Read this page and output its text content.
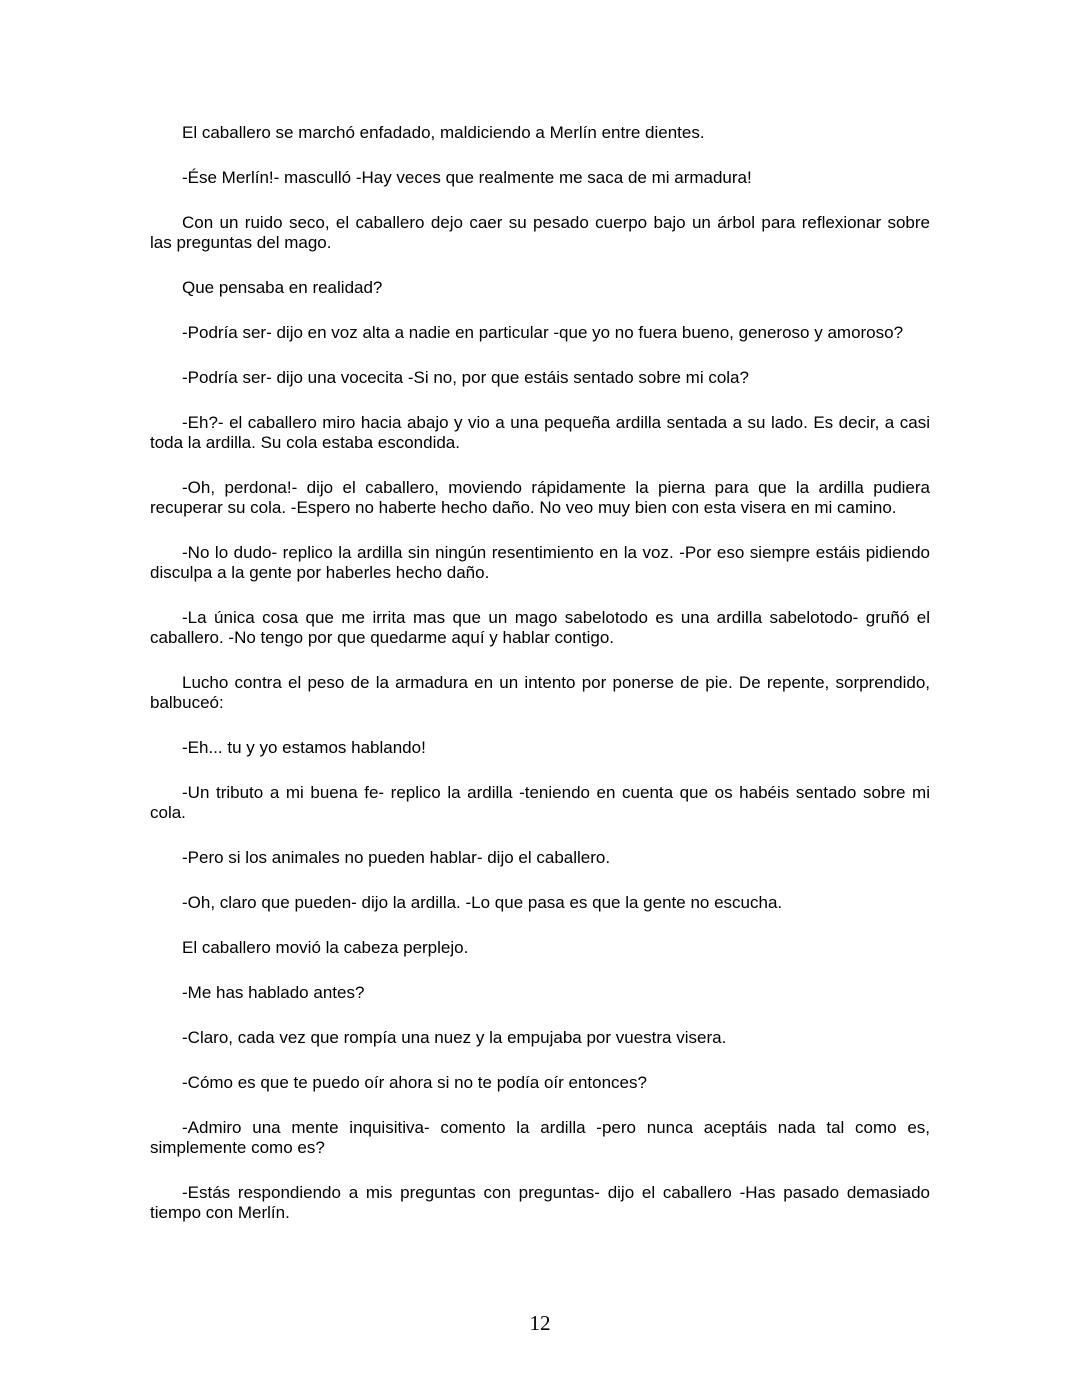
El caballero se marchó enfadado, maldiciendo a Merlín entre dientes.

-Ése Merlín!- masculló -Hay veces que realmente me saca de mi armadura!

Con un ruido seco, el caballero dejo caer su pesado cuerpo bajo un árbol para reflexionar sobre las preguntas del mago.

Que pensaba en realidad?

-Podría ser- dijo en voz alta a nadie en particular -que yo no fuera bueno, generoso y amoroso?

-Podría ser- dijo una vocecita -Si no, por que estáis sentado sobre mi cola?

-Eh?- el caballero miro hacia abajo y vio a una pequeña ardilla sentada a su lado. Es decir, a casi toda la ardilla. Su cola estaba escondida.

-Oh, perdona!- dijo el caballero, moviendo rápidamente la pierna para que la ardilla pudiera recuperar su cola. -Espero no haberte hecho daño. No veo muy bien con esta visera en mi camino.

-No lo dudo- replico la ardilla sin ningún resentimiento en la voz. -Por eso siempre estáis pidiendo disculpa a la gente por haberles hecho daño.

-La única cosa que me irrita mas que un mago sabelotodo es una ardilla sabelotodo- gruñó el caballero. -No tengo por que quedarme aquí y hablar contigo.

Lucho contra el peso de la armadura en un intento por ponerse de pie. De repente, sorprendido, balbuceó:

-Eh... tu y yo estamos hablando!

-Un tributo a mi buena fe- replico la ardilla -teniendo en cuenta que os habéis sentado sobre mi cola.

-Pero si los animales no pueden hablar- dijo el caballero.

-Oh, claro que pueden- dijo la ardilla. -Lo que pasa es que la gente no escucha.

El caballero movió la cabeza perplejo.

-Me has hablado antes?

-Claro, cada vez que rompía una nuez y la empujaba por vuestra visera.

-Cómo es que te puedo oír ahora si no te podía oír entonces?

-Admiro una mente inquisitiva- comento la ardilla -pero nunca aceptáis nada tal como es, simplemente como es?

-Estás respondiendo a mis preguntas con preguntas- dijo el caballero -Has pasado demasiado tiempo con Merlín.

12
